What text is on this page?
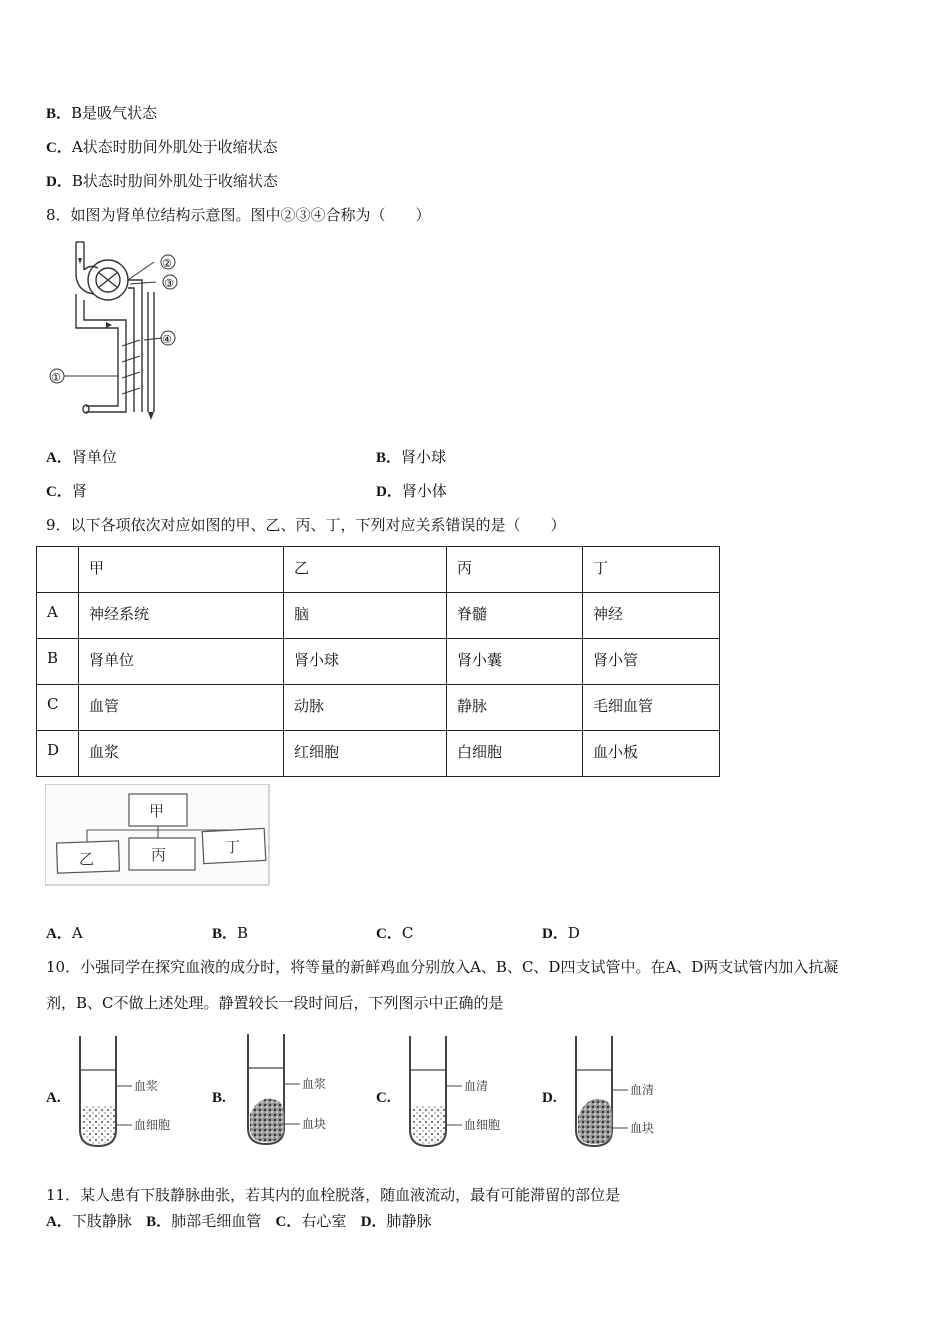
B．B是吸气状态
C．A状态时肋间外肌处于收缩状态
D．B状态时肋间外肌处于收缩状态
8．如图为肾单位结构示意图。图中②③④合称为（　　）
①
②
③
④
A．肾单位	B．肾小球
C．肾	D．肾小体
9．以下各项依次对应如图的甲、乙、丙、丁，下列对应关系错误的是（　　）
	甲	乙	丙	丁
A	神经系统	脑	脊髓	神经
B	肾单位	肾小球	肾小囊	肾小管
C	血管	动脉	静脉	毛细血管
D	血浆	红细胞	白细胞	血小板
甲
乙	丙	丁
A．A	B．B	C．C	D．D
10．小强同学在探究血液的成分时，将等量的新鲜鸡血分别放入A、B、C、D四支试管中。在A、D两支试管内加入抗凝
剂，B、C不做上述处理。静置较长一段时间后，下列图示中正确的是
A.
血浆
血细胞
B.
血浆
血块
C.
血清
血细胞
D.	血清
血块
11．某人患有下肢静脉曲张，若其内的血栓脱落，随血液流动，最有可能滞留的部位是
A．下肢静脉 B．肺部毛细血管 C．右心室 D．肺静脉
